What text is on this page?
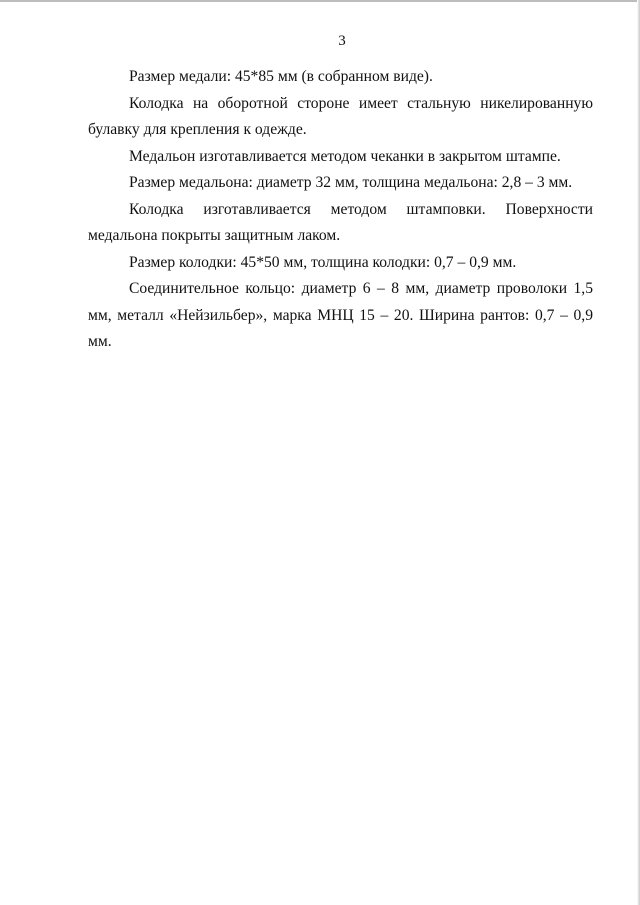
3

Размер медали: 45*85 мм (в собранном виде).

Колодка на оборотной стороне имеет стальную никелированную булавку для крепления к одежде.

Медальон изготавливается методом чеканки в закрытом штампе.

Размер медальона: диаметр 32 мм, толщина медальона: 2,8 – 3 мм.

Колодка изготавливается методом штамповки. Поверхности медальона покрыты защитным лаком.

Размер колодки: 45*50 мм, толщина колодки: 0,7 – 0,9 мм.

Соединительное кольцо: диаметр 6 – 8 мм, диаметр проволоки 1,5 мм, металл «Нейзильбер», марка МНЦ 15 – 20. Ширина рантов: 0,7 – 0,9 мм.
